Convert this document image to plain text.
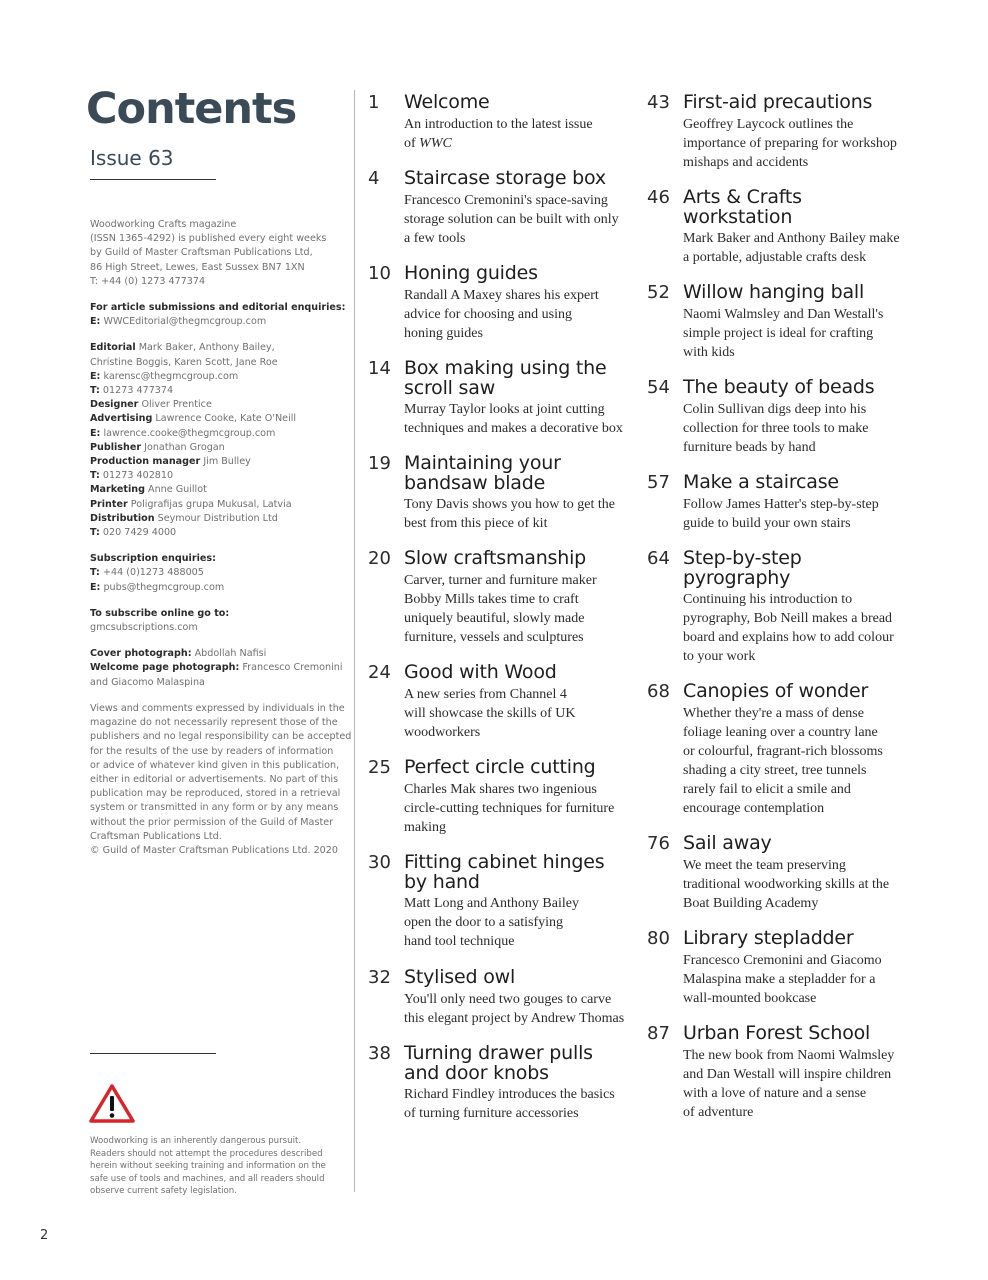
Contents
Issue 63

Woodworking Crafts magazine
(ISSN 1365-4292) is published every eight weeks
by Guild of Master Craftsman Publications Ltd,
86 High Street, Lewes, East Sussex BN7 1XN
T: +44 (0) 1273 477374

For article submissions and editorial enquiries:
E: WWCEditorial@thegmcgroup.com

Editorial Mark Baker, Anthony Bailey,
Christine Boggis, Karen Scott, Jane Roe
E: karensc@thegmcgroup.com
T: 01273 477374
Designer Oliver Prentice
Advertising Lawrence Cooke, Kate O'Neill
E: lawrence.cooke@thegmcgroup.com
Publisher Jonathan Grogan
Production manager Jim Bulley
T: 01273 402810
Marketing Anne Guillot
Printer Poligrafijas grupa Mukusal, Latvia
Distribution Seymour Distribution Ltd
T: 020 7429 4000

Subscription enquiries:
T: +44 (0)1273 488005
E: pubs@thegmcgroup.com

To subscribe online go to:
gmcsubscriptions.com

Cover photograph: Abdollah Nafisi
Welcome page photograph: Francesco Cremonini
and Giacomo Malaspina

Views and comments expressed by individuals in the
magazine do not necessarily represent those of the
publishers and no legal responsibility can be accepted
for the results of the use by readers of information
or advice of whatever kind given in this publication,
either in editorial or advertisements. No part of this
publication may be reproduced, stored in a retrieval
system or transmitted in any form or by any means
without the prior permission of the Guild of Master
Craftsman Publications Ltd.
© Guild of Master Craftsman Publications Ltd. 2020

Woodworking is an inherently dangerous pursuit. Readers should not attempt the procedures described herein without seeking training and information on the safe use of tools and machines, and all readers should observe current safety legislation.
1 Welcome
An introduction to the latest issue
of WWC
4 Staircase storage box
Francesco Cremonini's space-saving
storage solution can be built with only
a few tools
10 Honing guides
Randall A Maxey shares his expert
advice for choosing and using
honing guides
14 Box making using the
scroll saw
Murray Taylor looks at joint cutting
techniques and makes a decorative box
19 Maintaining your
bandsaw blade
Tony Davis shows you how to get the
best from this piece of kit
20 Slow craftsmanship
Carver, turner and furniture maker
Bobby Mills takes time to craft
uniquely beautiful, slowly made
furniture, vessels and sculptures
24 Good with Wood
A new series from Channel 4
will showcase the skills of UK
woodworkers
25 Perfect circle cutting
Charles Mak shares two ingenious
circle-cutting techniques for furniture
making
30 Fitting cabinet hinges
by hand
Matt Long and Anthony Bailey
open the door to a satisfying
hand tool technique
32 Stylised owl
You'll only need two gouges to carve
this elegant project by Andrew Thomas
38 Turning drawer pulls
and door knobs
Richard Findley introduces the basics
of turning furniture accessories
43 First-aid precautions
Geoffrey Laycock outlines the
importance of preparing for workshop
mishaps and accidents
46 Arts & Crafts
workstation
Mark Baker and Anthony Bailey make
a portable, adjustable crafts desk
52 Willow hanging ball
Naomi Walmsley and Dan Westall's
simple project is ideal for crafting
with kids
54 The beauty of beads
Colin Sullivan digs deep into his
collection for three tools to make
furniture beads by hand
57 Make a staircase
Follow James Hatter's step-by-step
guide to build your own stairs
64 Step-by-step
pyrography
Continuing his introduction to
pyrography, Bob Neill makes a bread
board and explains how to add colour
to your work
68 Canopies of wonder
Whether they're a mass of dense
foliage leaning over a country lane
or colourful, fragrant-rich blossoms
shading a city street, tree tunnels
rarely fail to elicit a smile and
encourage contemplation
76 Sail away
We meet the team preserving
traditional woodworking skills at the
Boat Building Academy
80 Library stepladder
Francesco Cremonini and Giacomo
Malaspina make a stepladder for a
wall-mounted bookcase
87 Urban Forest School
The new book from Naomi Walmsley
and Dan Westall will inspire children
with a love of nature and a sense
of adventure
2
